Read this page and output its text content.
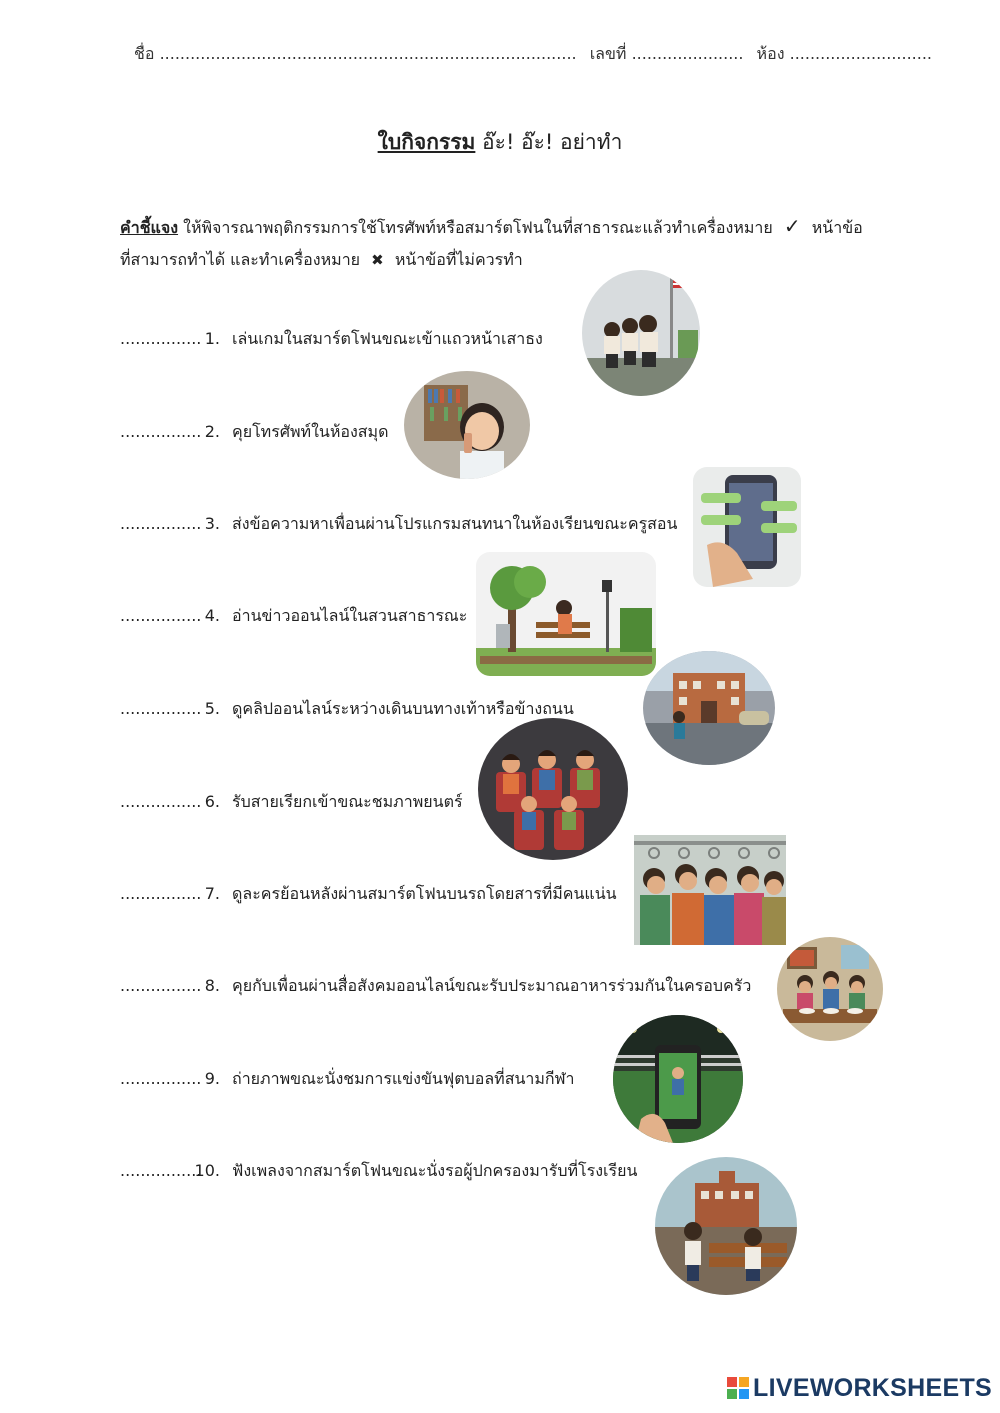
ชื่อ .................................................................................. เลขที่ ...................... ห้อง ............................
ใบกิจกรรม อ๊ะ! อ๊ะ! อย่าทำ
คำชี้แจง ให้พิจารณาพฤติกรรมการใช้โทรศัพท์หรือสมาร์ตโฟนในที่สาธารณะแล้วทำเครื่องหมาย ✓ หน้าข้อที่สามารถทำได้ และทำเครื่องหมาย ✖ หน้าข้อที่ไม่ควรทำ
................ 1. เล่นเกมในสมาร์ตโฟนขณะเข้าแถวหน้าเสาธง
................ 2. คุยโทรศัพท์ในห้องสมุด
................ 3. ส่งข้อความหาเพื่อนผ่านโปรแกรมสนทนาในห้องเรียนขณะครูสอน
................ 4. อ่านข่าวออนไลน์ในสวนสาธารณะ
................ 5. ดูคลิปออนไลน์ระหว่างเดินบนทางเท้าหรือข้างถนน
................ 6. รับสายเรียกเข้าขณะชมภาพยนตร์
................ 7. ดูละครย้อนหลังผ่านสมาร์ตโฟนบนรถโดยสารที่มีคนแน่น
................ 8. คุยกับเพื่อนผ่านสื่อสังคมออนไลน์ขณะรับประมาณอาหารร่วมกันในครอบครัว
................ 9. ถ่ายภาพขณะนั่งชมการแข่งขันฟุตบอลที่สนามกีฬา
................10. ฟังเพลงจากสมาร์ตโฟนขณะนั่งรอผู้ปกครองมารับที่โรงเรียน
LIVEWORKSHEETS
